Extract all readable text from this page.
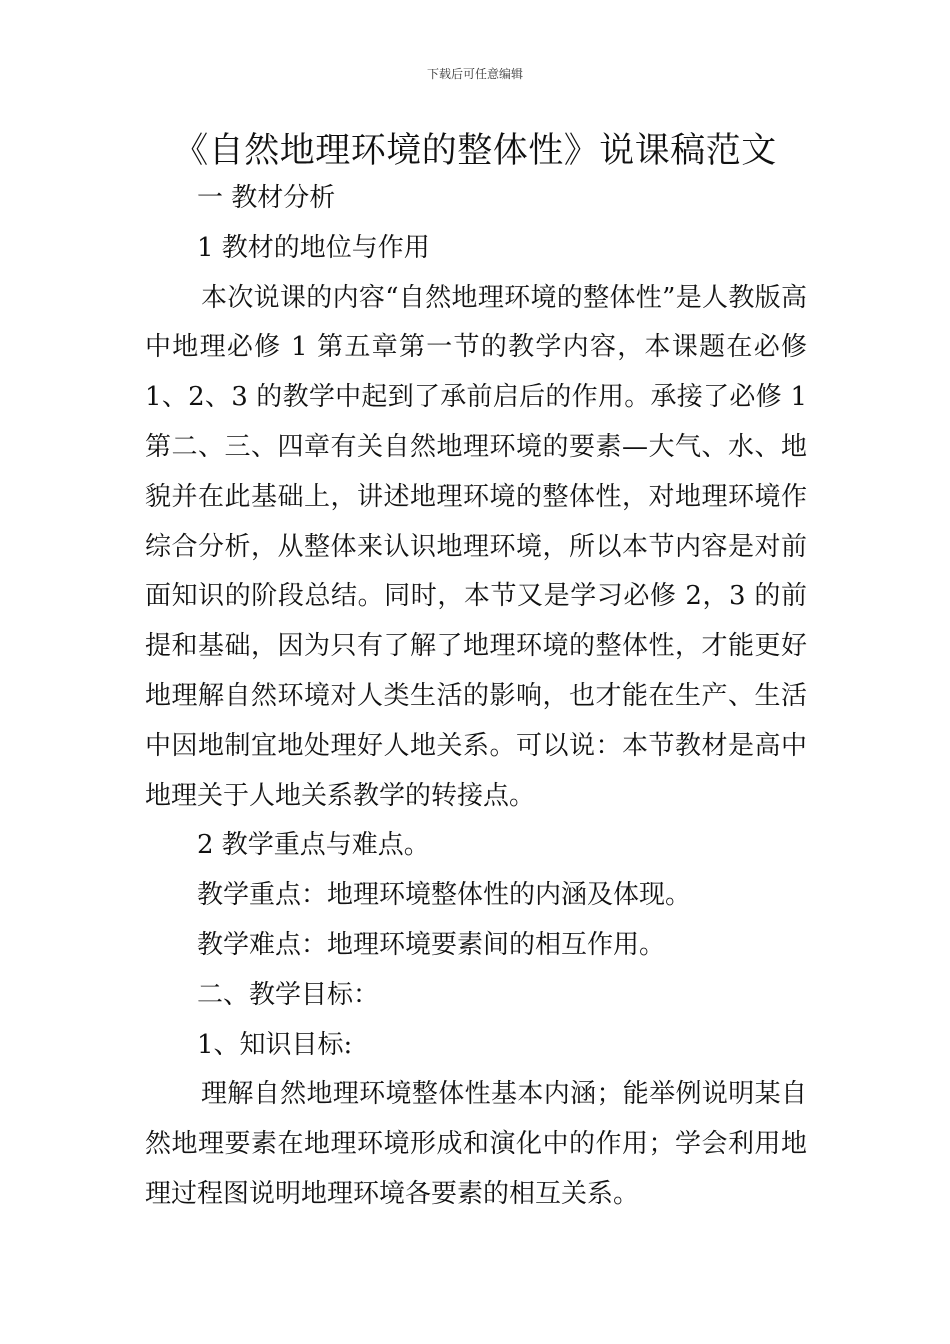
下载后可任意编辑
《自然地理环境的整体性》说课稿范文
一 教材分析
1 教材的地位与作用
本次说课的内容“自然地理环境的整体性”是人教版高中地理必修 1 第五章第一节的教学内容，本课题在必修 1、2、3 的教学中起到了承前启后的作用。承接了必修 1 第二、三、四章有关自然地理环境的要素—大气、水、地貌并在此基础上，讲述地理环境的整体性，对地理环境作综合分析，从整体来认识地理环境，所以本节内容是对前面知识的阶段总结。同时，本节又是学习必修 2，3 的前提和基础，因为只有了解了地理环境的整体性，才能更好地理解自然环境对人类生活的影响，也才能在生产、生活中因地制宜地处理好人地关系。可以说：本节教材是高中地理关于人地关系教学的转接点。
2 教学重点与难点。
教学重点：地理环境整体性的内涵及体现。
教学难点：地理环境要素间的相互作用。
二、教学目标：
1、知识目标:
理解自然地理环境整体性基本内涵；能举例说明某自然地理要素在地理环境形成和演化中的作用；学会利用地理过程图说明地理环境各要素的相互关系。
